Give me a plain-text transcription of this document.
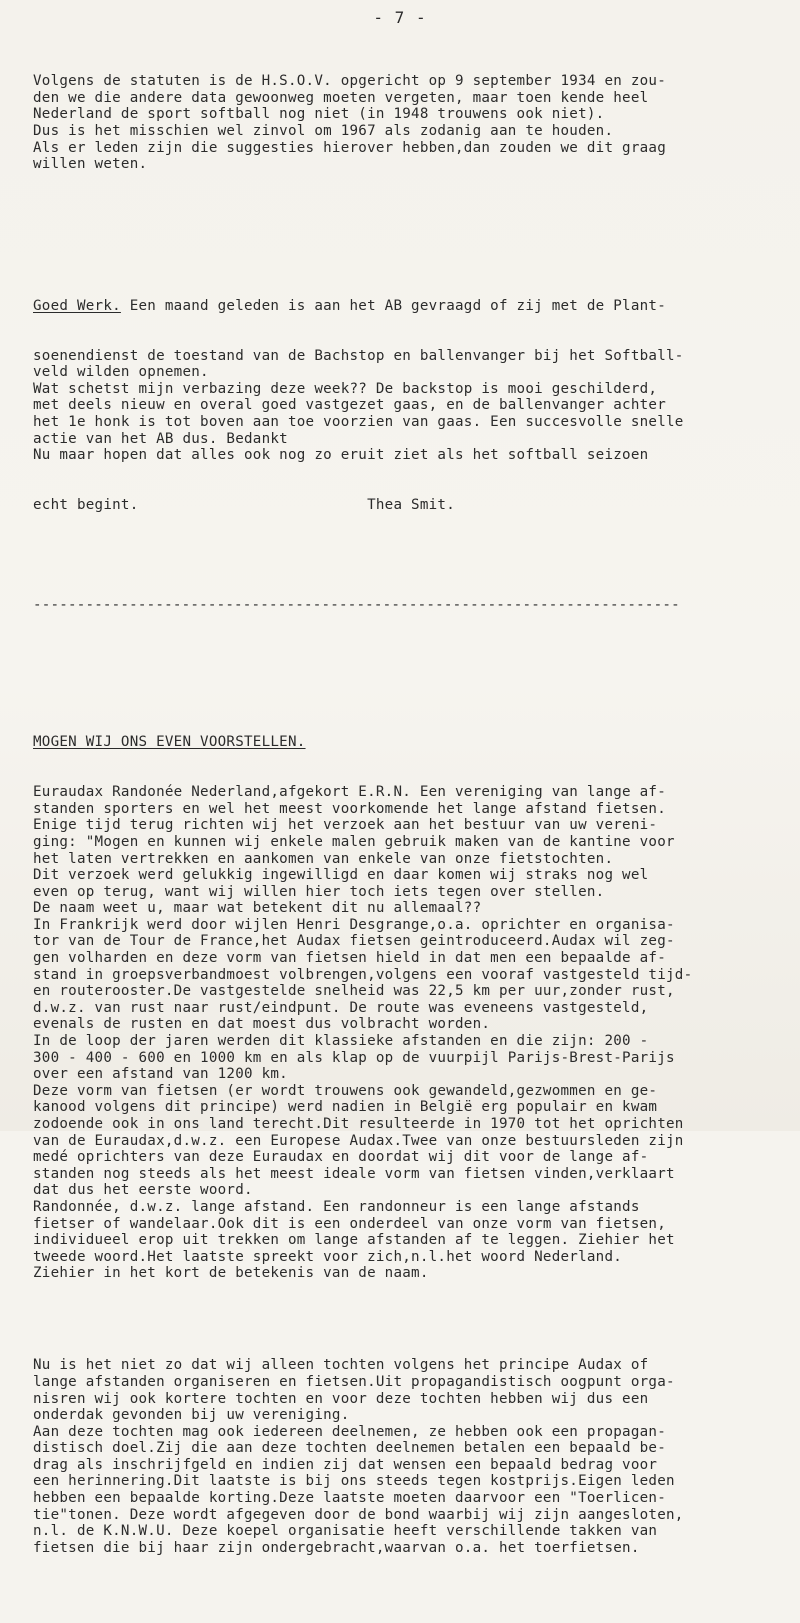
- 7 -

Volgens de statuten is de H.S.O.V. opgericht op 9 september 1934 en zou-
den we die andere data gewoonweg moeten vergeten, maar toen kende heel
Nederland de sport softball nog niet (in 1948 trouwens ook niet).
Dus is het misschien wel zinvol om 1967 als zodanig aan te houden.
Als er leden zijn die suggesties hierover hebben,dan zouden we dit graag
willen weten.

Goed Werk. Een maand geleden is aan het AB gevraagd of zij met de Plant-

soenendienst de toestand van de Bachstop en ballenvanger bij het Softball-
veld wilden opnemen.
Wat schetst mijn verbazing deze week?? De backstop is mooi geschilderd,
met deels nieuw en overal goed vastgezet gaas, en de ballenvanger achter
het 1e honk is tot boven aan toe voorzien van gaas. Een succesvolle snelle
actie van het AB dus. Bedankt
Nu maar hopen dat alles ook nog zo eruit ziet als het softball seizoen

echt begint.	Thea Smit.

--------------------------------------------------------------------------

MOGEN WIJ ONS EVEN VOORSTELLEN.

Euraudax Randonée Nederland,afgekort E.R.N. Een vereniging van lange af-
standen sporters en wel het meest voorkomende het lange afstand fietsen.
Enige tijd terug richten wij het verzoek aan het bestuur van uw vereni-
ging: "Mogen en kunnen wij enkele malen gebruik maken van de kantine voor
het laten vertrekken en aankomen van enkele van onze fietstochten.
Dit verzoek werd gelukkig ingewilligd en daar komen wij straks nog wel
even op terug, want wij willen hier toch iets tegen over stellen.
De naam weet u, maar wat betekent dit nu allemaal??
In Frankrijk werd door wijlen Henri Desgrange,o.a. oprichter en organisa-
tor van de Tour de France,het Audax fietsen geintroduceerd.Audax wil zeg-
gen volharden en deze vorm van fietsen hield in dat men een bepaalde af-
stand in groepsverbandmoest volbrengen,volgens een vooraf vastgesteld tijd-
en routerooster.De vastgestelde snelheid was 22,5 km per uur,zonder rust,
d.w.z. van rust naar rust/eindpunt. De route was eveneens vastgesteld,
evenals de rusten en dat moest dus volbracht worden.
In de loop der jaren werden dit klassieke afstanden en die zijn: 200 -
300 - 400 - 600 en 1000 km en als klap op de vuurpijl Parijs-Brest-Parijs
over een afstand van 1200 km.
Deze vorm van fietsen (er wordt trouwens ook gewandeld,gezwommen en ge-
kanood volgens dit principe) werd nadien in België erg populair en kwam
zodoende ook in ons land terecht.Dit resulteerde in 1970 tot het oprichten
van de Euraudax,d.w.z. een Europese Audax.Twee van onze bestuursleden zijn
medé oprichters van deze Euraudax en doordat wij dit voor de lange af-
standen nog steeds als het meest ideale vorm van fietsen vinden,verklaart
dat dus het eerste woord.
Randonnée, d.w.z. lange afstand. Een randonneur is een lange afstands
fietser of wandelaar.Ook dit is een onderdeel van onze vorm van fietsen,
individueel erop uit trekken om lange afstanden af te leggen. Ziehier het
tweede woord.Het laatste spreekt voor zich,n.l.het woord Nederland.
Ziehier in het kort de betekenis van de naam.

Nu is het niet zo dat wij alleen tochten volgens het principe Audax of
lange afstanden organiseren en fietsen.Uit propagandistisch oogpunt orga-
nisren wij ook kortere tochten en voor deze tochten hebben wij dus een
onderdak gevonden bij uw vereniging.
Aan deze tochten mag ook iedereen deelnemen, ze hebben ook een propagan-
distisch doel.Zij die aan deze tochten deelnemen betalen een bepaald be-
drag als inschrijfgeld en indien zij dat wensen een bepaald bedrag voor
een herinnering.Dit laatste is bij ons steeds tegen kostprijs.Eigen leden
hebben een bepaalde korting.Deze laatste moeten daarvoor een "Toerlicen-
tie"tonen. Deze wordt afgegeven door de bond waarbij wij zijn aangesloten,
n.l. de K.N.W.U. Deze koepel organisatie heeft verschillende takken van
fietsen die bij haar zijn ondergebracht,waarvan o.a. het toerfietsen.
